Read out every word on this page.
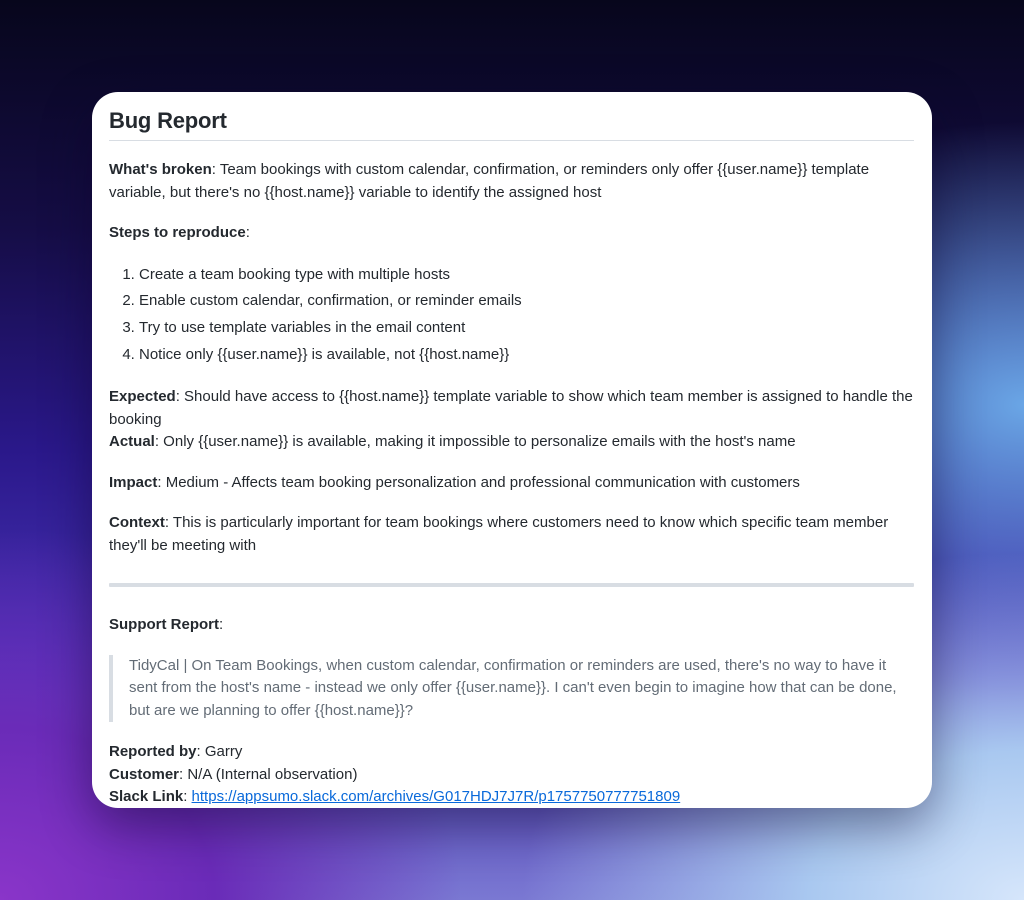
Bug Report

What's broken: Team bookings with custom calendar, confirmation, or reminders only offer {{user.name}} template variable, but there's no {{host.name}} variable to identify the assigned host

Steps to reproduce:

1. Create a team booking type with multiple hosts
2. Enable custom calendar, confirmation, or reminder emails
3. Try to use template variables in the email content
4. Notice only {{user.name}} is available, not {{host.name}}

Expected: Should have access to {{host.name}} template variable to show which team member is assigned to handle the booking
Actual: Only {{user.name}} is available, making it impossible to personalize emails with the host's name

Impact: Medium - Affects team booking personalization and professional communication with customers

Context: This is particularly important for team bookings where customers need to know which specific team member they'll be meeting with

Support Report:

TidyCal | On Team Bookings, when custom calendar, confirmation or reminders are used, there's no way to have it sent from the host's name - instead we only offer {{user.name}}. I can't even begin to imagine how that can be done, but are we planning to offer {{host.name}}?

Reported by: Garry
Customer: N/A (Internal observation)
Slack Link: https://appsumo.slack.com/archives/G017HDJ7J7R/p1757750777751809
